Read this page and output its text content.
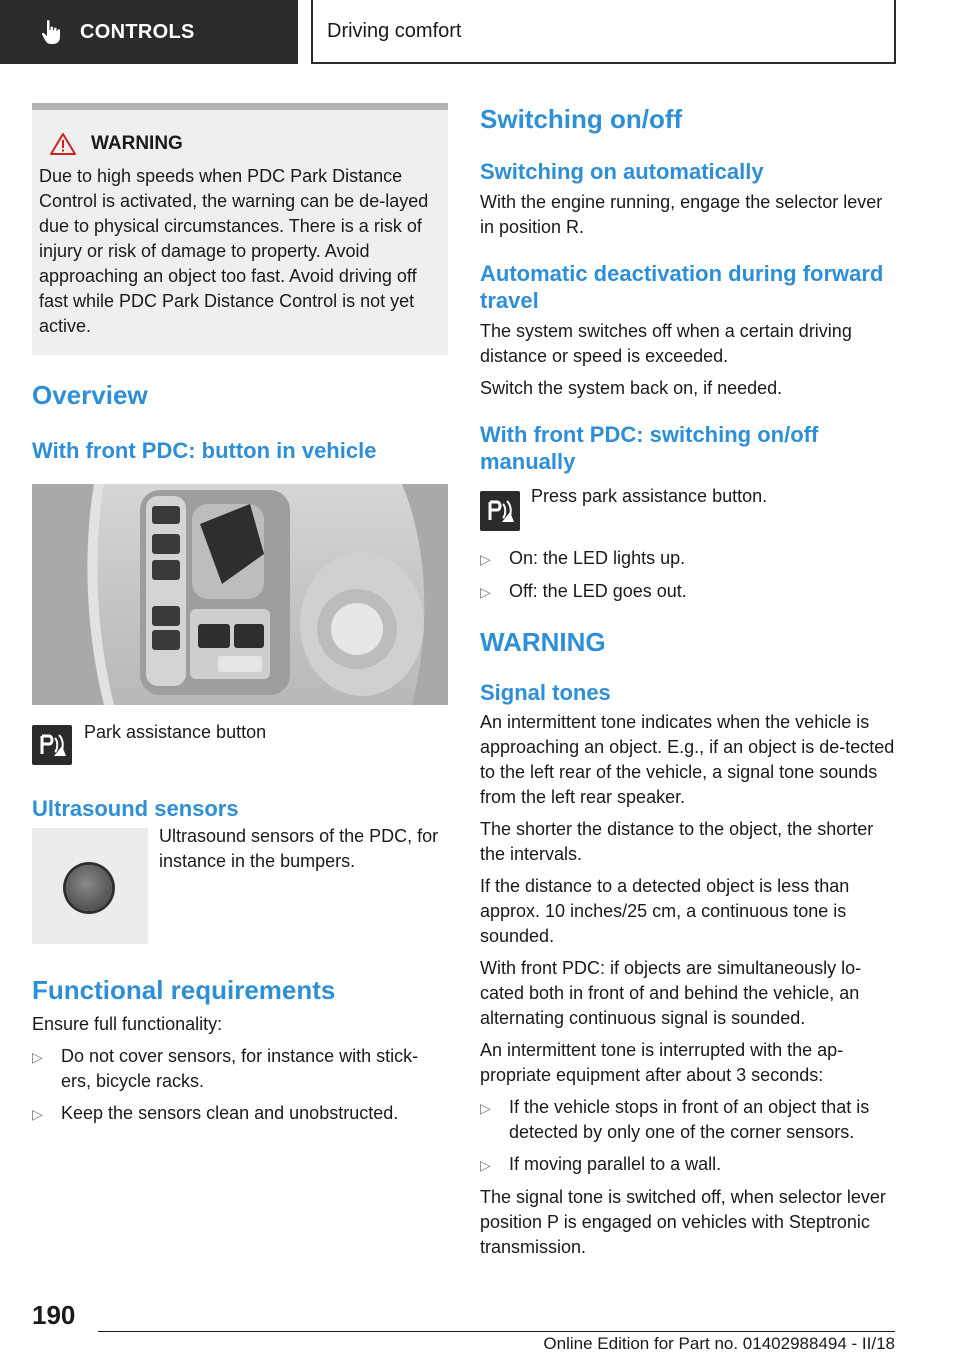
CONTROLS	Driving comfort
WARNING

Due to high speeds when PDC Park Distance Control is activated, the warning can be de-layed due to physical circumstances. There is a risk of injury or risk of damage to property. Avoid approaching an object too fast. Avoid driving off fast while PDC Park Distance Control is not yet active.

Overview
With front PDC: button in vehicle
Park assistance button
Ultrasound sensors

Ultrasound sensors of the PDC, for instance in the bumpers.

Functional requirements

Ensure full functionality:

▷	Do not cover sensors, for instance with stick-ers, bicycle racks.
▷	Keep the sensors clean and unobstructed.
Switching on/off
Switching on automatically

With the engine running, engage the selector lever in position R.

Automatic deactivation during forward travel

The system switches off when a certain driving distance or speed is exceeded.

Switch the system back on, if needed.

With front PDC: switching on/off manually
Press park assistance button.
▷	On: the LED lights up.
▷	Off: the LED goes out.
WARNING
Signal tones

An intermittent tone indicates when the vehicle is approaching an object. E.g., if an object is de-tected to the left rear of the vehicle, a signal tone sounds from the left rear speaker.

The shorter the distance to the object, the shorter the intervals.

If the distance to a detected object is less than approx. 10 inches/25 cm, a continuous tone is sounded.

With front PDC: if objects are simultaneously lo-cated both in front of and behind the vehicle, an alternating continuous signal is sounded.

An intermittent tone is interrupted with the ap-propriate equipment after about 3 seconds:

▷	If the vehicle stops in front of an object that is detected by only one of the corner sensors.
▷	If moving parallel to a wall.

The signal tone is switched off, when selector lever position P is engaged on vehicles with Steptronic transmission.

190
Online Edition for Part no. 01402988494 - II/18
